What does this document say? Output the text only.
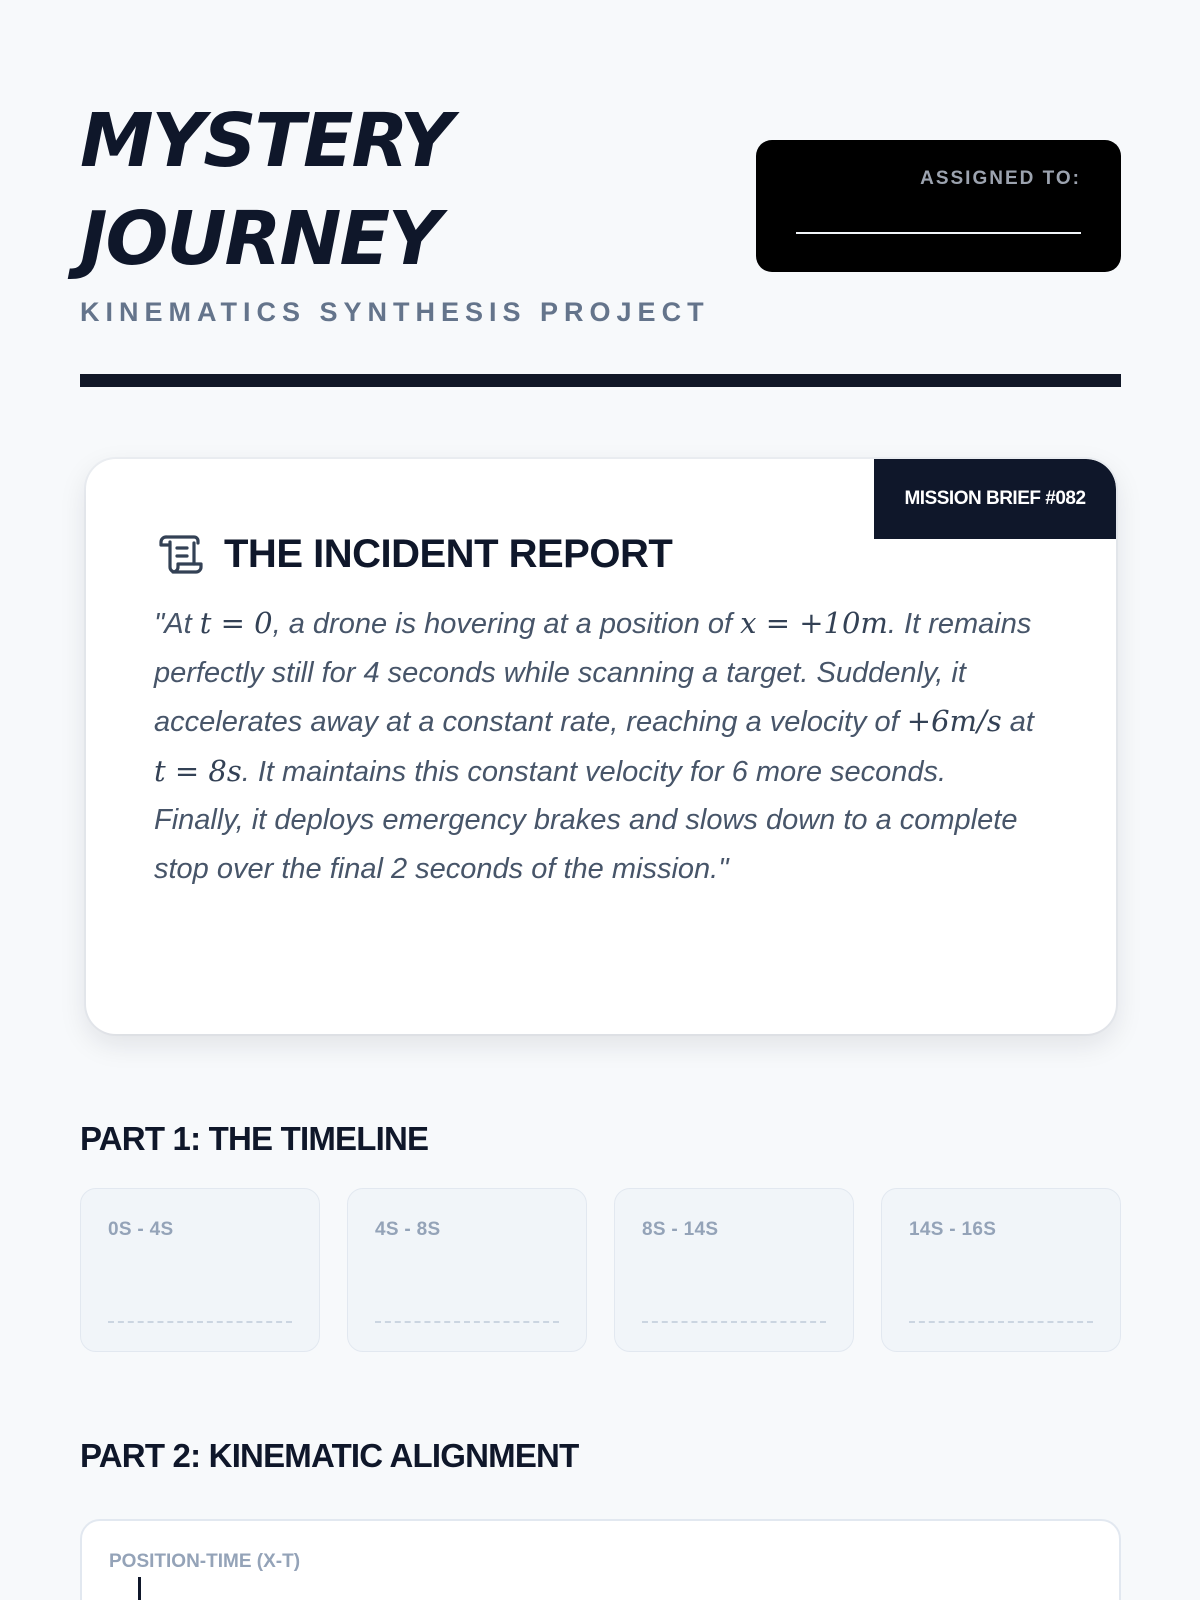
MYSTERY
JOURNEY
KINEMATICS SYNTHESIS PROJECT
ASSIGNED TO:
MISSION BRIEF #082
THE INCIDENT REPORT

"At t = 0, a drone is hovering at a position of x = +10m. It remains perfectly still for 4 seconds while scanning a target. Suddenly, it accelerates away at a constant rate, reaching a velocity of +6m/s at t = 8s. It maintains this constant velocity for 6 more seconds. Finally, it deploys emergency brakes and slows down to a complete stop over the final 2 seconds of the mission."

PART 1: THE TIMELINE
0S - 4S	4S - 8S	8S - 14S	14S - 16S
PART 2: KINEMATIC ALIGNMENT
POSITION-TIME (X-T)
